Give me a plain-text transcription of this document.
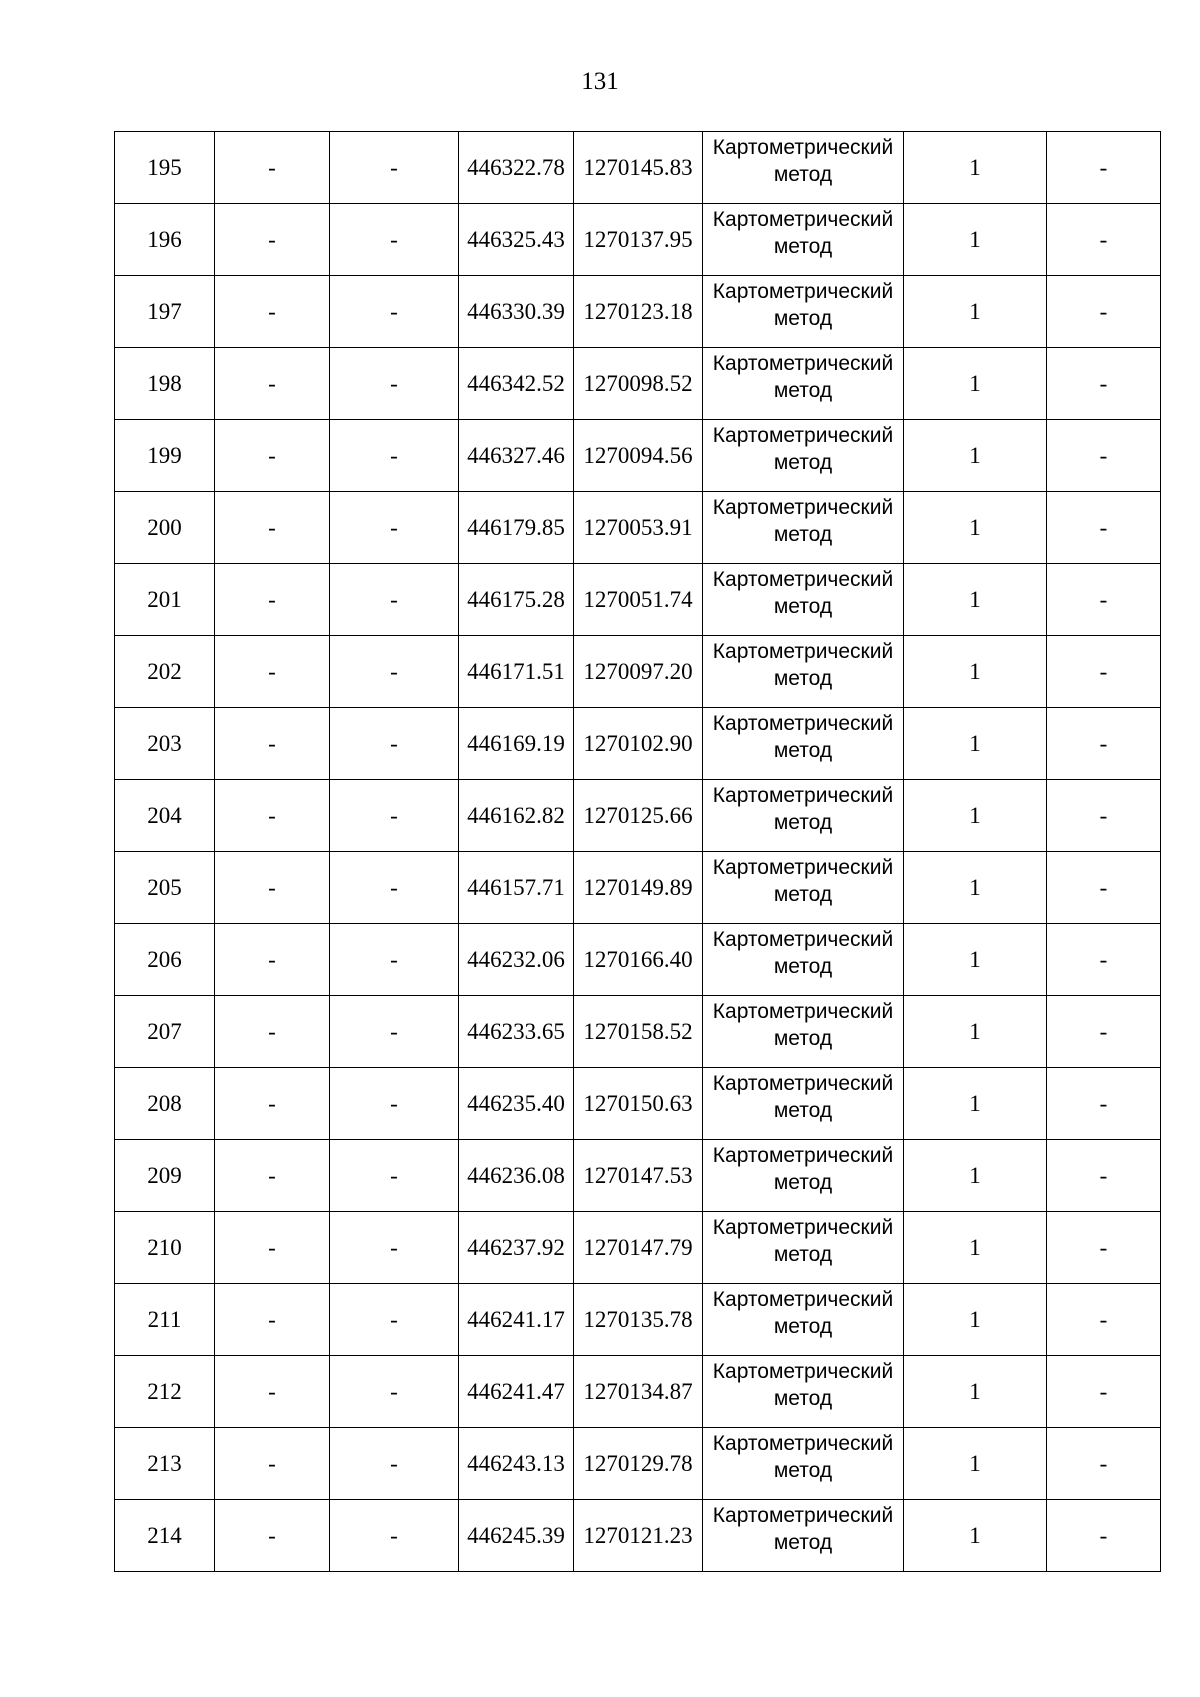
131
195	-	-	446322.78	1270145.83	Картометрический
метод	1	-
196	-	-	446325.43	1270137.95	Картометрический
метод	1	-
197	-	-	446330.39	1270123.18	Картометрический
метод	1	-
198	-	-	446342.52	1270098.52	Картометрический
метод	1	-
199	-	-	446327.46	1270094.56	Картометрический
метод	1	-
200	-	-	446179.85	1270053.91	Картометрический
метод	1	-
201	-	-	446175.28	1270051.74	Картометрический
метод	1	-
202	-	-	446171.51	1270097.20	Картометрический
метод	1	-
203	-	-	446169.19	1270102.90	Картометрический
метод	1	-
204	-	-	446162.82	1270125.66	Картометрический
метод	1	-
205	-	-	446157.71	1270149.89	Картометрический
метод	1	-
206	-	-	446232.06	1270166.40	Картометрический
метод	1	-
207	-	-	446233.65	1270158.52	Картометрический
метод	1	-
208	-	-	446235.40	1270150.63	Картометрический
метод	1	-
209	-	-	446236.08	1270147.53	Картометрический
метод	1	-
210	-	-	446237.92	1270147.79	Картометрический
метод	1	-
211	-	-	446241.17	1270135.78	Картометрический
метод	1	-
212	-	-	446241.47	1270134.87	Картометрический
метод	1	-
213	-	-	446243.13	1270129.78	Картометрический
метод	1	-
214	-	-	446245.39	1270121.23	Картометрический
метод	1	-
